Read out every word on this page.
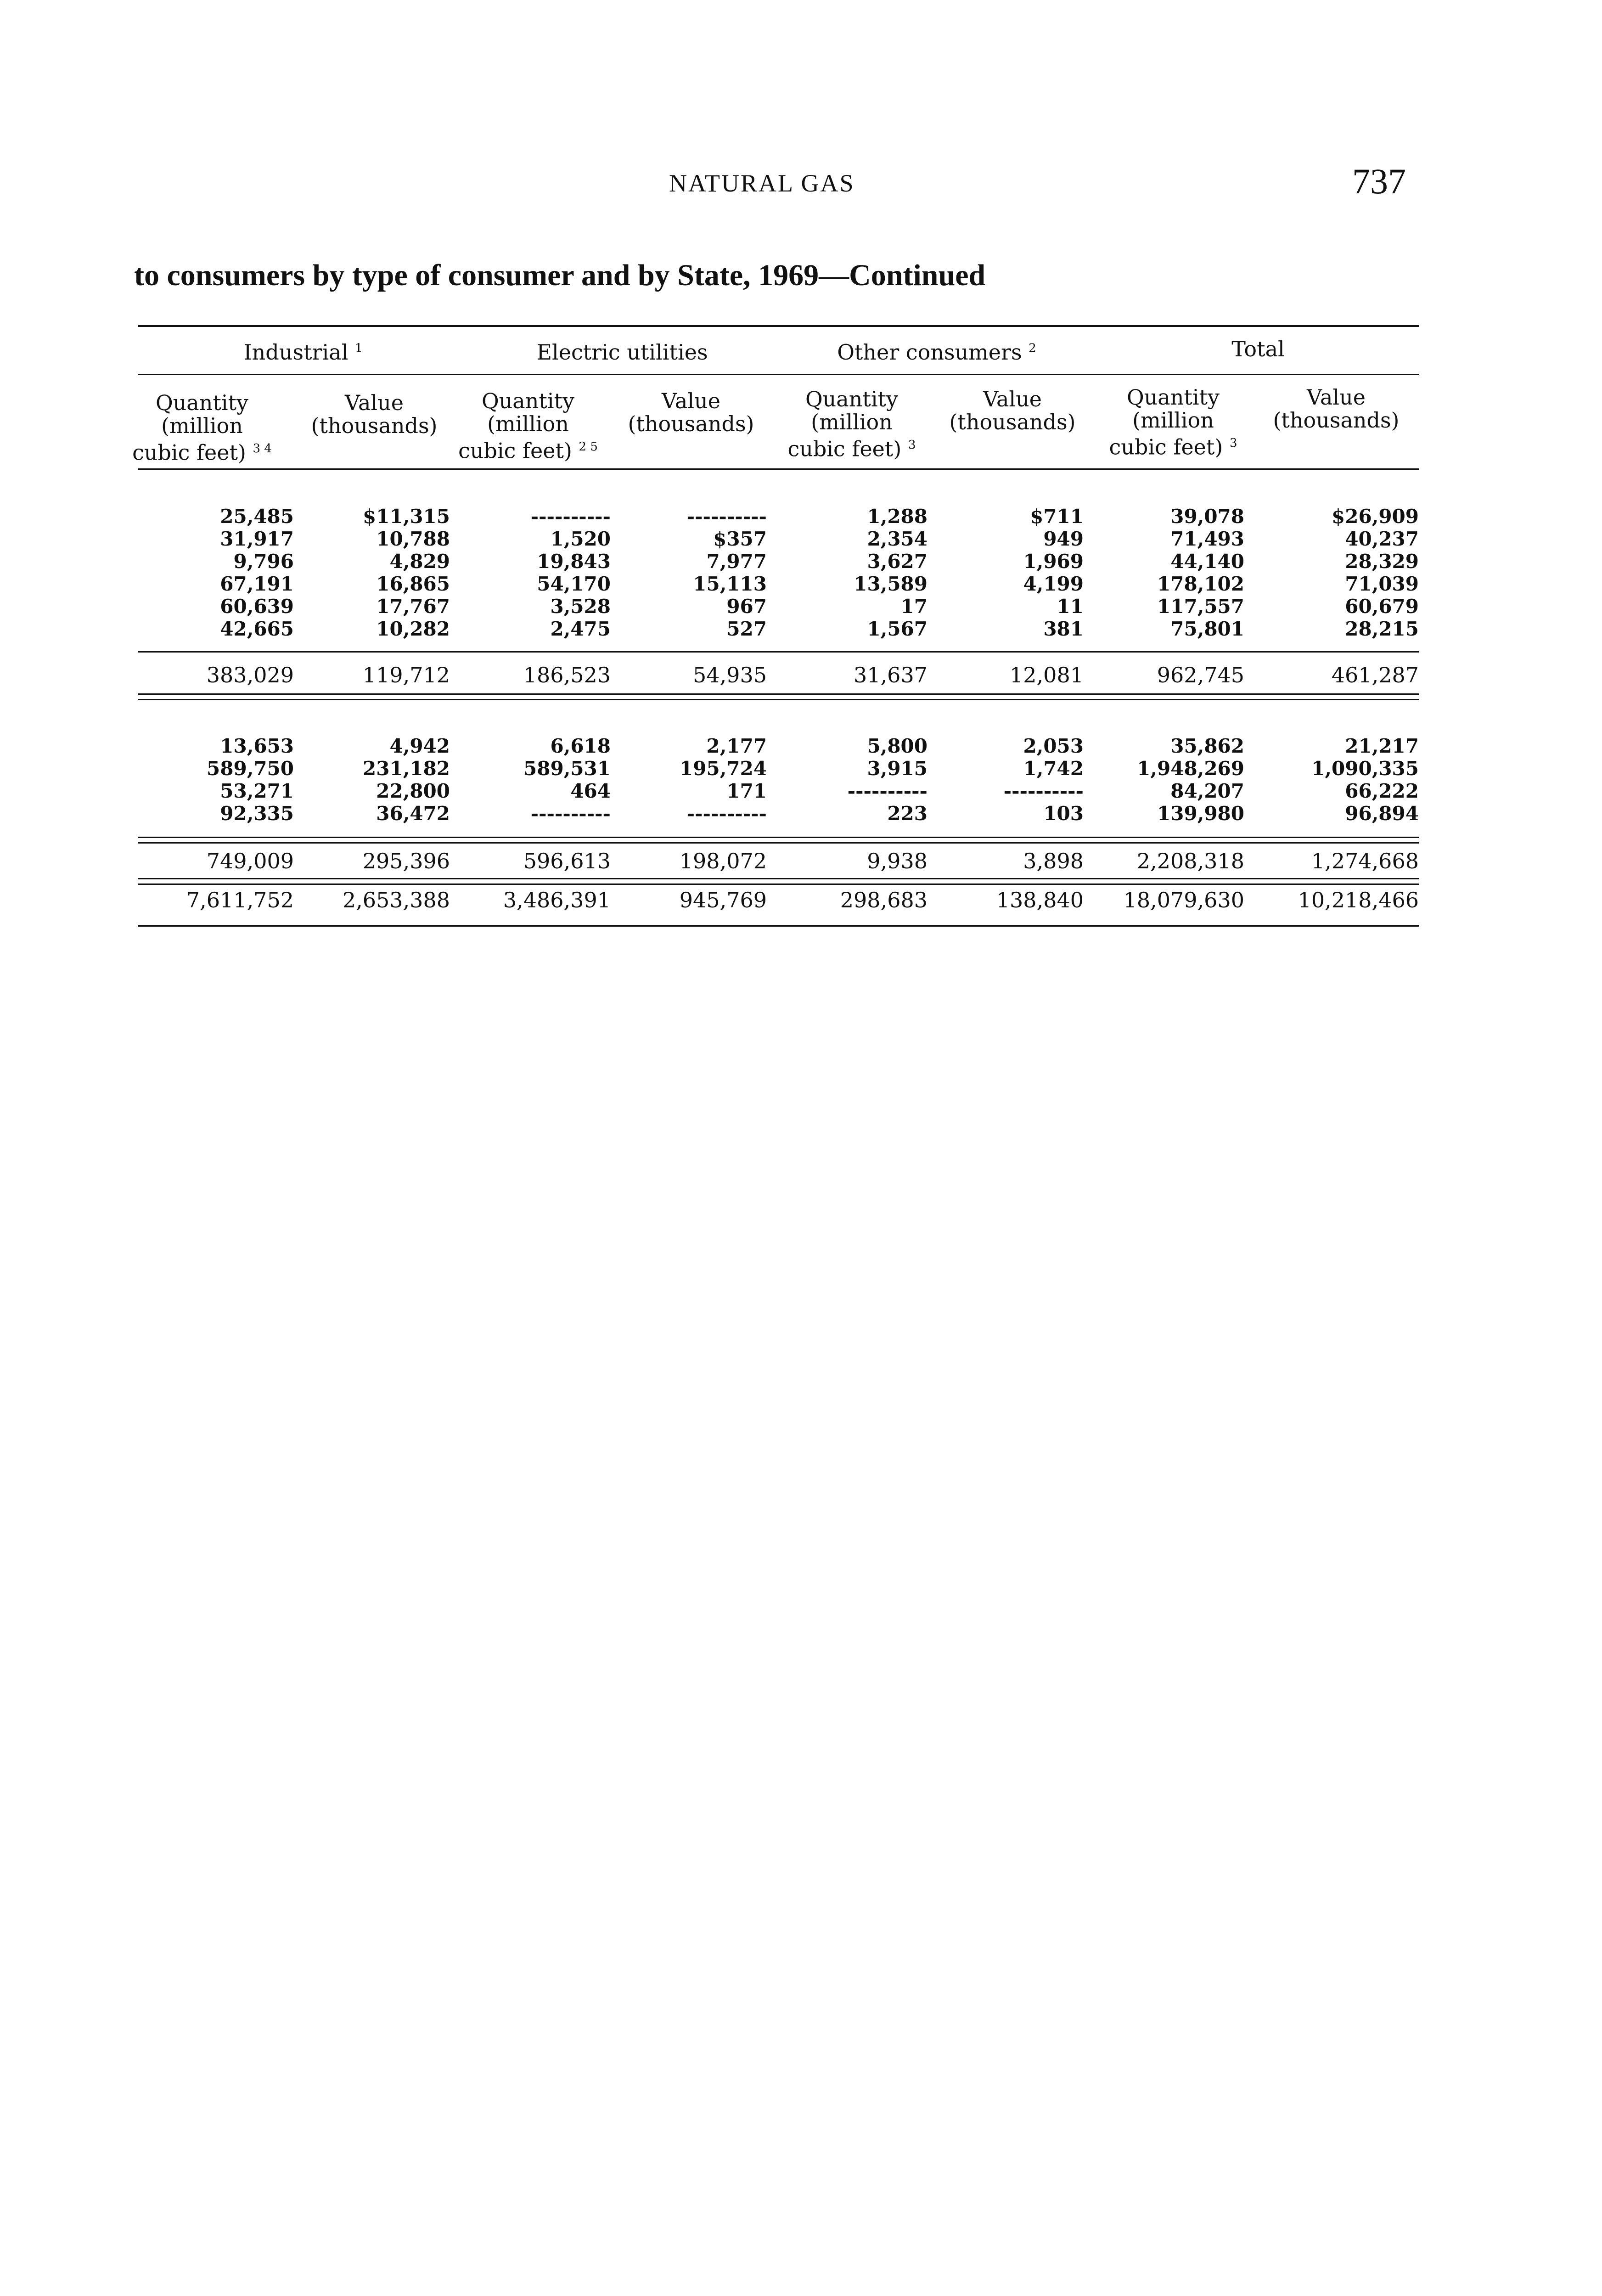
NATURAL GAS	737
to consumers by type of consumer and by State, 1969—Continued
Industrial $^1$	Electric utilities	Other consumers $^2$	Total
Quantity
(million
cubic feet) $^{3 4}$
Value
(thousands)
Quantity
(million
cubic feet) $^{2 5}$
Value
(thousands)
Quantity
(million
cubic feet) $^3$
Value
(thousands)
Quantity
(million
cubic feet) $^3$
Value
(thousands)
25,485	$11,315	----------	----------	1,288	$711	39,078	$26,909
31,917	10,788	1,520	$357	2,354	949	71,493	40,237
9,796	4,829	19,843	7,977	3,627	1,969	44,140	28,329
67,191	16,865	54,170	15,113	13,589	4,199	178,102	71,039
60,639	17,767	3,528	967	17	11	117,557	60,679
42,665	10,282	2,475	527	1,567	381	75,801	28,215
383,029	119,712	186,523	54,935	31,637	12,081	962,745	461,287
13,653	4,942	6,618	2,177	5,800	2,053	35,862	21,217
589,750	231,182	589,531	195,724	3,915	1,742	1,948,269	1,090,335
53,271	22,800	464	171	----------	----------	84,207	66,222
92,335	36,472	----------	----------	223	103	139,980	96,894
749,009	295,396	596,613	198,072	9,938	3,898	2,208,318	1,274,668
7,611,752	2,653,388	3,486,391	945,769	298,683	138,840	18,079,630	10,218,466
